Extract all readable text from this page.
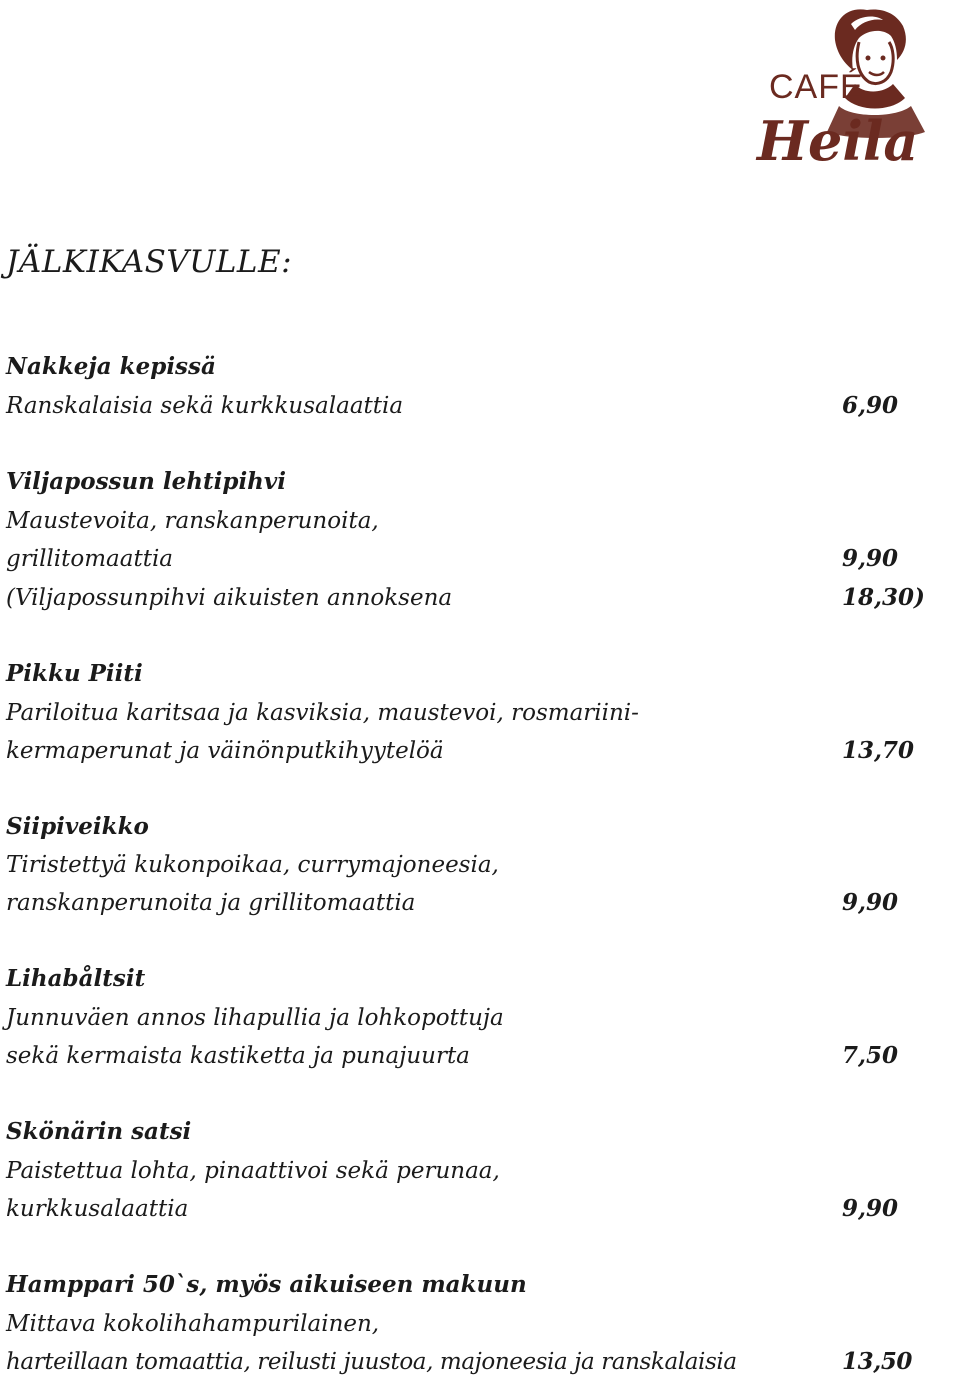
CAFÉ
Heila
JÄLKIKASVULLE:
Nakkeja kepissä
Ranskalaisia sekä kurkkusalaattia	6,90
Viljapossun lehtipihvi
Maustevoita, ranskanperunoita,
grillitomaattia	9,90
(Viljapossunpihvi aikuisten annoksena	18,30)
Pikku Piiti
Pariloitua karitsaa ja kasviksia, maustevoi, rosmariini-
kermaperunat ja väinönputkihyytelöä	13,70
Siipiveikko
Tiristettyä kukonpoikaa, currymajoneesia,
ranskanperunoita ja grillitomaattia	9,90
Lihabåltsit
Junnuväen annos lihapullia ja lohkopottuja
sekä kermaista kastiketta ja punajuurta	7,50
Skönärin satsi
Paistettua lohta, pinaattivoi sekä perunaa,
kurkkusalaattia	9,90
Hamppari 50`s, myös aikuiseen makuun
Mittava kokolihahampurilainen,
harteillaan tomaattia, reilusti juustoa, majoneesia ja ranskalaisia	13,50
